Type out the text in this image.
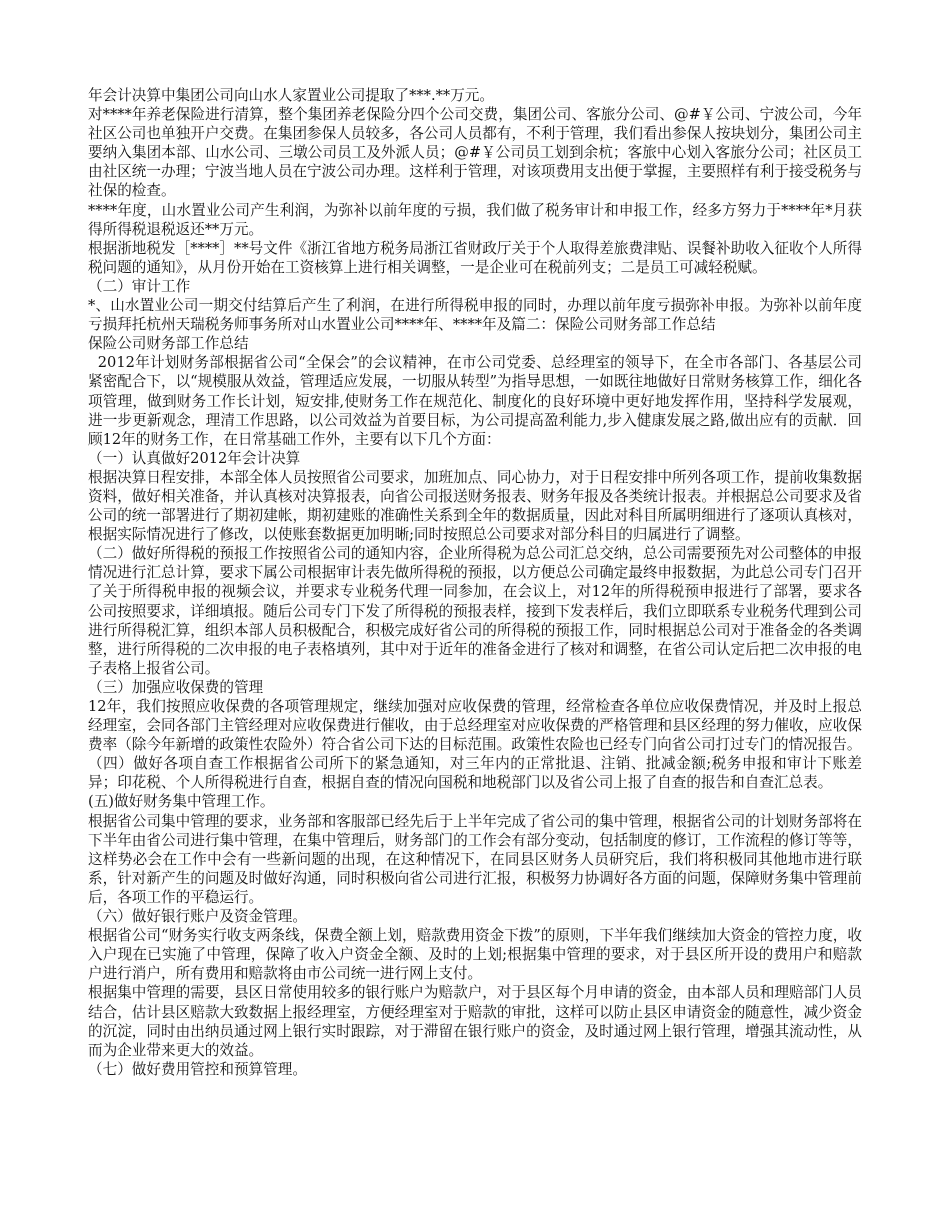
年会计决算中集团公司向山水人家置业公司提取了***.**万元。

对****年养老保险进行清算，整个集团养老保险分四个公司交费，集团公司、客旅分公司、@#￥公司、宁波公司，今年社区公司也单独开户交费。在集团参保人员较多，各公司人员都有，不利于管理，我们看出参保人按块划分，集团公司主要纳入集团本部、山水公司、三墩公司员工及外派人员；@#￥公司员工划到余杭；客旅中心划入客旅分公司；社区员工由社区统一办理；宁波当地人员在宁波公司办理。这样利于管理，对该项费用支出便于掌握，主要照样有利于接受税务与社保的检查。

****年度，山水置业公司产生利润，为弥补以前年度的亏损，我们做了税务审计和申报工作，经多方努力于****年*月获得所得税退税返还**万元。

根据浙地税发［****］**号文件《浙江省地方税务局浙江省财政厅关于个人取得差旅费津贴、误餐补助收入征收个人所得税问题的通知》，从月份开始在工资核算上进行相关调整，一是企业可在税前列支；二是员工可减轻税赋。

（二）审计工作

*、山水置业公司一期交付结算后产生了利润，在进行所得税申报的同时，办理以前年度亏损弥补申报。为弥补以前年度亏损拜托杭州天瑞税务师事务所对山水置业公司****年、****年及篇二：保险公司财务部工作总结

保险公司财务部工作总结

2012年计划财务部根据省公司“全保会”的会议精神，在市公司党委、总经理室的领导下，在全市各部门、各基层公司紧密配合下，以“规模服从效益，管理适应发展，一切服从转型”为指导思想，一如既往地做好日常财务核算工作，细化各项管理，做到财务工作长计划，短安排,使财务工作在规范化、制度化的良好环境中更好地发挥作用，坚持科学发展观，进一步更新观念，理清工作思路，以公司效益为首要目标，为公司提高盈利能力,步入健康发展之路,做出应有的贡献．回顾12年的财务工作，在日常基础工作外，主要有以下几个方面：

（一）认真做好2012年会计决算

根据决算日程安排，本部全体人员按照省公司要求，加班加点、同心协力，对于日程安排中所列各项工作，提前收集数据资料，做好相关准备，并认真核对决算报表，向省公司报送财务报表、财务年报及各类统计报表。并根据总公司要求及省公司的统一部署进行了期初建帐，期初建账的准确性关系到全年的数据质量，因此对科目所属明细进行了逐项认真核对，根据实际情况进行了修改，以使账套数据更加明晰;同时按照总公司要求对部分科目的归属进行了调整。

（二）做好所得税的预报工作按照省公司的通知内容，企业所得税为总公司汇总交纳，总公司需要预先对公司整体的申报情况进行汇总计算，要求下属公司根据审计表先做所得税的预报，以方便总公司确定最终申报数据，为此总公司专门召开了关于所得税申报的视频会议，并要求专业税务代理一同参加，在会议上，对12年的所得税预申报进行了部署，要求各公司按照要求，详细填报。随后公司专门下发了所得税的预报表样，接到下发表样后，我们立即联系专业税务代理到公司进行所得税汇算，组织本部人员积极配合，积极完成好省公司的所得税的预报工作，同时根据总公司对于准备金的各类调整，进行所得税的二次申报的电子表格填列，其中对于近年的准备金进行了核对和调整，在省公司认定后把二次申报的电子表格上报省公司。

（三）加强应收保费的管理

12年，我们按照应收保费的各项管理规定，继续加强对应收保费的管理，经常检查各单位应收保费情况，并及时上报总经理室，会同各部门主管经理对应收保费进行催收，由于总经理室对应收保费的严格管理和县区经理的努力催收，应收保费率（除今年新增的政策性农险外）符合省公司下达的目标范围。政策性农险也已经专门向省公司打过专门的情况报告。

（四）做好各项自查工作根据省公司所下的紧急通知，对三年内的正常批退、注销、批减金额;税务申报和审计下账差异；印花税、个人所得税进行自查，根据自查的情况向国税和地税部门以及省公司上报了自查的报告和自查汇总表。

(五)做好财务集中管理工作。

根据省公司集中管理的要求，业务部和客服部已经先后于上半年完成了省公司的集中管理，根据省公司的计划财务部将在下半年由省公司进行集中管理，在集中管理后，财务部门的工作会有部分变动，包括制度的修订，工作流程的修订等等，这样势必会在工作中会有一些新问题的出现，在这种情况下，在同县区财务人员研究后，我们将积极同其他地市进行联系，针对新产生的问题及时做好沟通，同时积极向省公司进行汇报，积极努力协调好各方面的问题，保障财务集中管理前后，各项工作的平稳运行。

（六）做好银行账户及资金管理。

根据省公司“财务实行收支两条线，保费全额上划，赔款费用资金下拨”的原则，下半年我们继续加大资金的管控力度，收入户现在已实施了中管理，保障了收入户资金全额、及时的上划;根据集中管理的要求，对于县区所开设的费用户和赔款户进行消户，所有费用和赔款将由市公司统一进行网上支付。

根据集中管理的需要，县区日常使用较多的银行账户为赔款户，对于县区每个月申请的资金，由本部人员和理赔部门人员结合，估计县区赔款大致数据上报经理室，方便经理室对于赔款的审批，这样可以防止县区申请资金的随意性，减少资金的沉淀，同时由出纳员通过网上银行实时跟踪，对于滞留在银行账户的资金，及时通过网上银行管理，增强其流动性，从而为企业带来更大的效益。

（七）做好费用管控和预算管理。
